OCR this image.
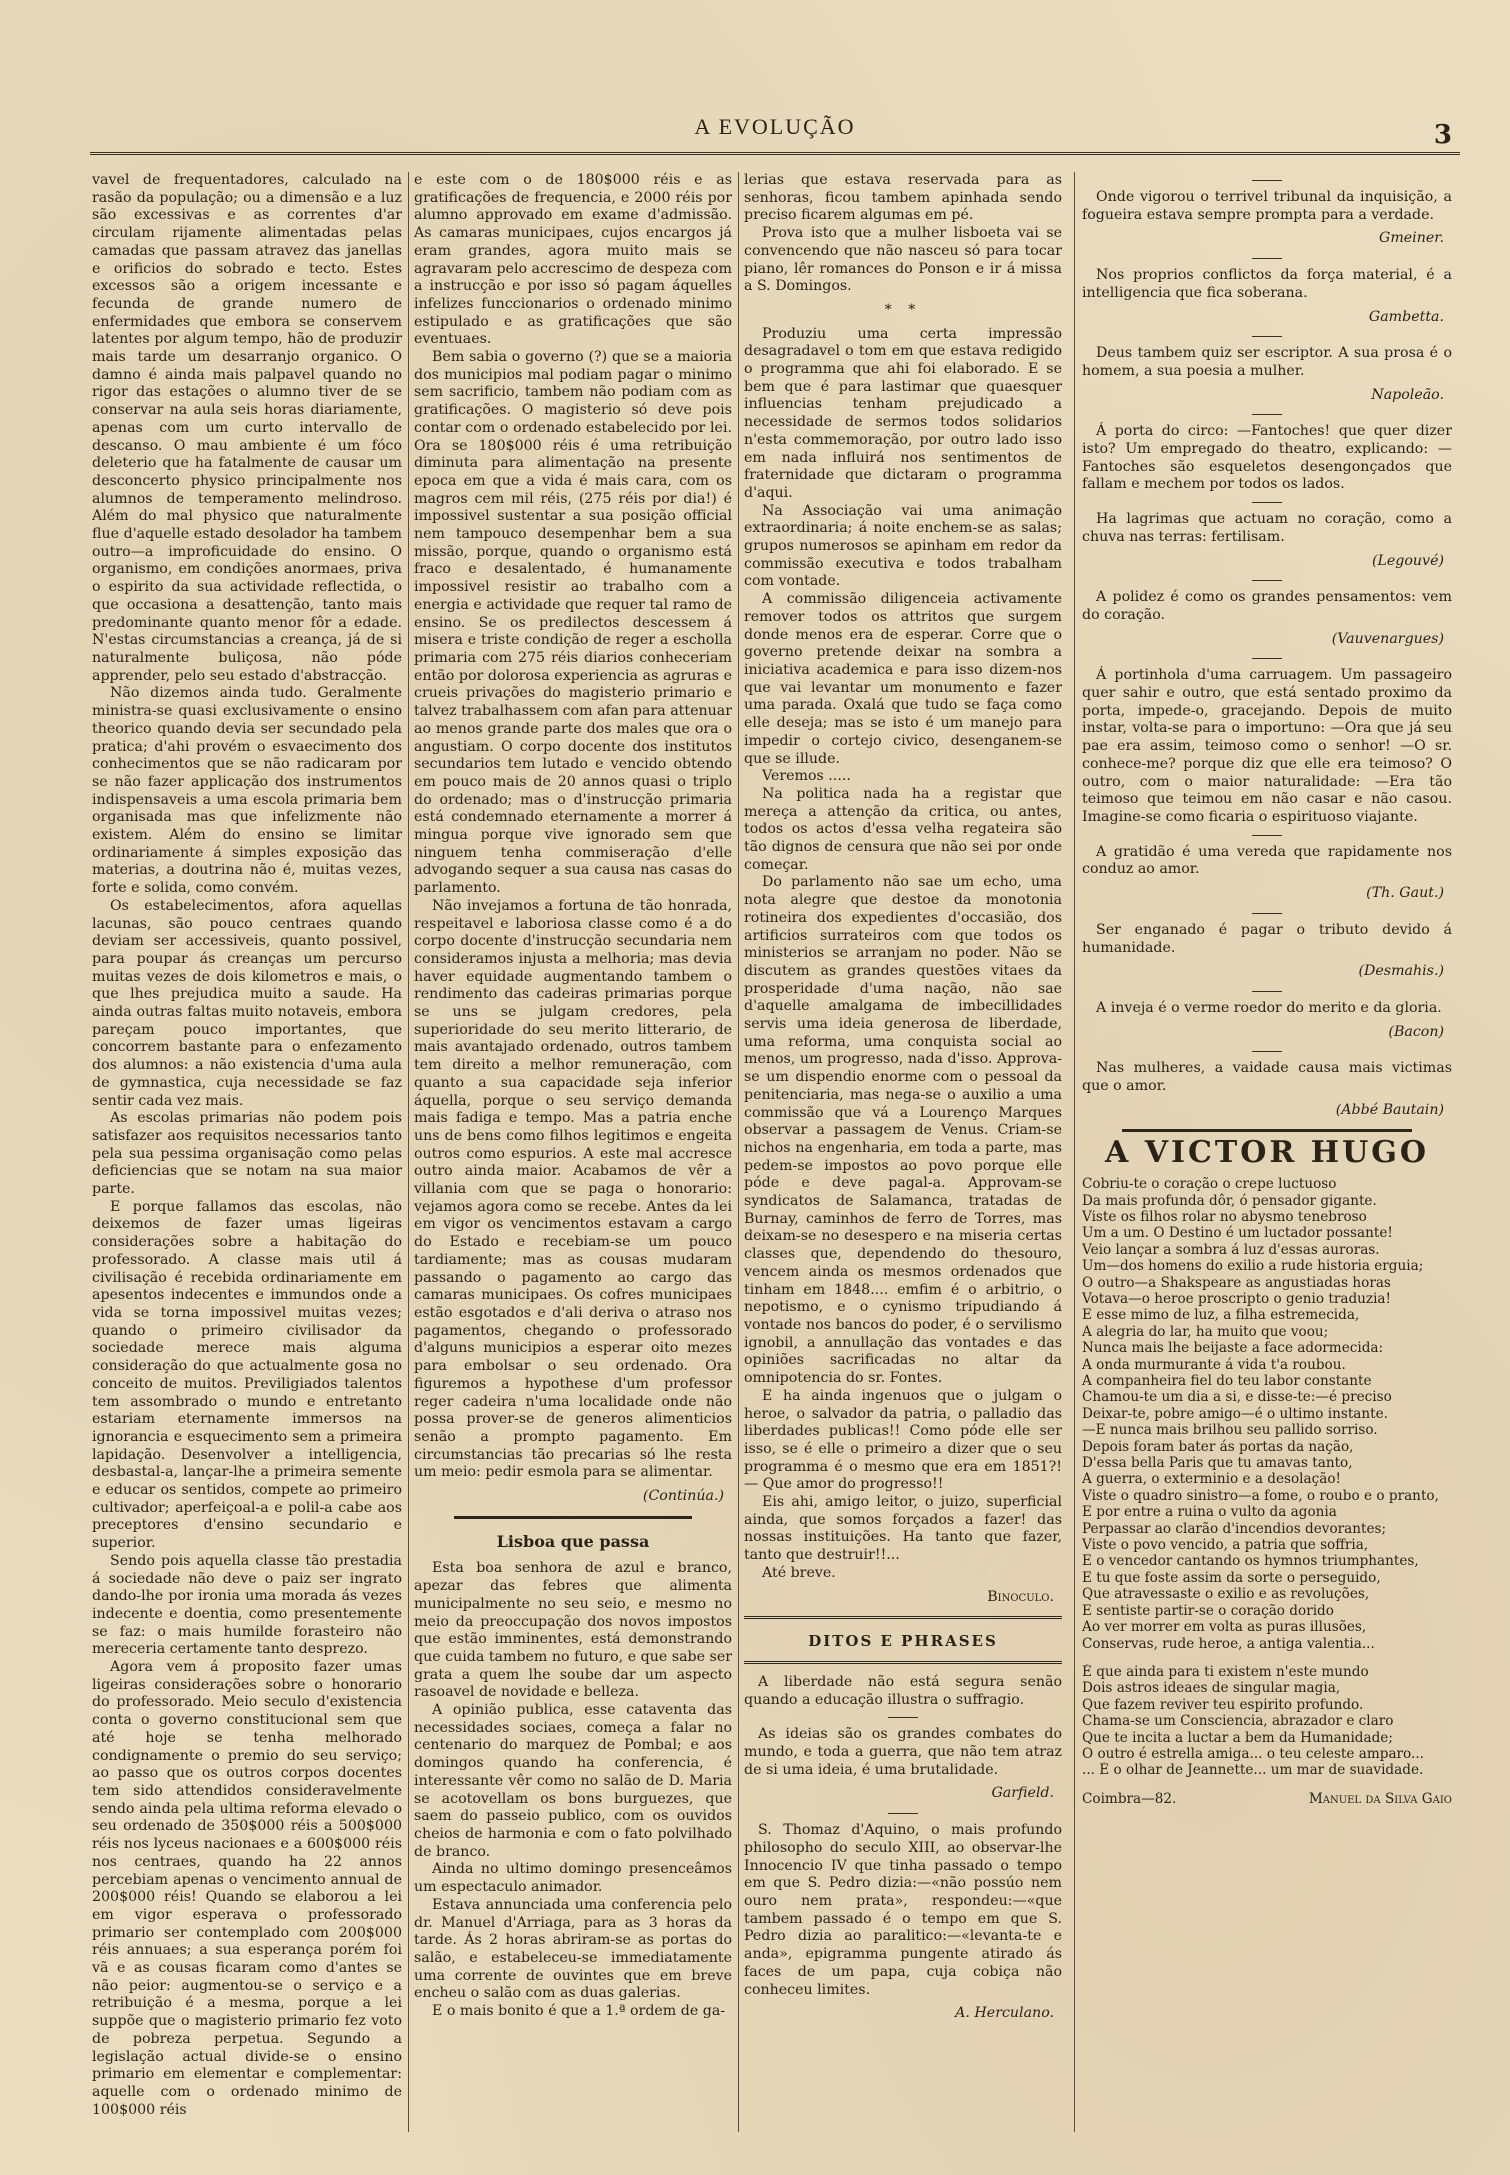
A EVOLUÇÃO	3

vavel de frequentadores, calculado na rasão da população; ou a dimensão e a luz são excessivas e as correntes d'ar circulam rijamente alimentadas pelas camadas que passam atravez das janellas e orificios do sobrado e tecto. Estes excessos são a origem incessante e fecunda de grande numero de enfermidades que embora se conservem latentes por algum tempo, hão de produzir mais tarde um desarranjo organico. O damno é ainda mais palpavel quando no rigor das estações o alumno tiver de se conservar na aula seis horas diariamente, apenas com um curto intervallo de descanso. O mau ambiente é um fóco deleterio que ha fatalmente de causar um desconcerto physico principalmente nos alumnos de temperamento melindroso. Além do mal physico que naturalmente flue d'aquelle estado desolador ha tambem outro—a improficuidade do ensino. O organismo, em condições anormaes, priva o espirito da sua actividade reflectida, o que occasiona a desattenção, tanto mais predominante quanto menor fôr a edade. N'estas circumstancias a creança, já de si naturalmente buliçosa, não póde apprender, pelo seu estado d'abstracção.

Não dizemos ainda tudo. Geralmente ministra-se quasi exclusivamente o ensino theorico quando devia ser secundado pela pratica; d'ahi provém o esvaecimento dos conhecimentos que se não radicaram por se não fazer applicação dos instrumentos indispensaveis a uma escola primaria bem organisada mas que infelizmente não existem. Além do ensino se limitar ordinariamente á simples exposição das materias, a doutrina não é, muitas vezes, forte e solida, como convém.

Os estabelecimentos, afora aquellas lacunas, são pouco centraes quando deviam ser accessiveis, quanto possivel, para poupar ás creanças um percurso muitas vezes de dois kilometros e mais, o que lhes prejudica muito a saude. Ha ainda outras faltas muito notaveis, embora pareçam pouco importantes, que concorrem bastante para o enfezamento dos alumnos: a não existencia d'uma aula de gymnastica, cuja necessidade se faz sentir cada vez mais.

As escolas primarias não podem pois satisfazer aos requisitos necessarios tanto pela sua pessima organisação como pelas deficiencias que se notam na sua maior parte.

E porque fallamos das escolas, não deixemos de fazer umas ligeiras considerações sobre a habitação do professorado. A classe mais util á civilisação é recebida ordinariamente em apesentos indecentes e immundos onde a vida se torna impossivel muitas vezes; quando o primeiro civilisador da sociedade merece mais alguma consideração do que actualmente gosa no conceito de muitos. Previligiados talentos tem assombrado o mundo e entretanto estariam eternamente immersos na ignorancia e esquecimento sem a primeira lapidação. Desenvolver a intelligencia, desbastal-a, lançar-lhe a primeira semente e educar os sentidos, compete ao primeiro cultivador; aperfeiçoal-a e polil-a cabe aos preceptores d'ensino secundario e superior.

Sendo pois aquella classe tão prestadia á sociedade não deve o paiz ser ingrato dando-lhe por ironia uma morada ás vezes indecente e doentia, como presentemente se faz: o mais humilde forasteiro não mereceria certamente tanto desprezo.

Agora vem á proposito fazer umas ligeiras considerações sobre o honorario do professorado. Meio seculo d'existencia conta o governo constitucional sem que até hoje se tenha melhorado condignamente o premio do seu serviço; ao passo que os outros corpos docentes tem sido attendidos consideravelmente sendo ainda pela ultima reforma elevado o seu ordenado de 350$000 réis a 500$000 réis nos lyceus nacionaes e a 600$000 réis nos centraes, quando ha 22 annos percebiam apenas o vencimento annual de 200$000 réis! Quando se elaborou a lei em vigor esperava o professorado primario ser contemplado com 200$000 réis annuaes; a sua esperança porém foi vã e as cousas ficaram como d'antes se não peior: augmentou-se o serviço e a retribuição é a mesma, porque a lei suppõe que o magisterio primario fez voto de pobreza perpetua. Segundo a legislação actual divide-se o ensino primario em elementar e complementar: aquelle com o ordenado minimo de 100$000 réis

e este com o de 180$000 réis e as gratificações de frequencia, e 2000 réis por alumno approvado em exame d'admissão. As camaras municipaes, cujos encargos já eram grandes, agora muito mais se agravaram pelo accrescimo de despeza com a instrucção e por isso só pagam áquelles infelizes funccionarios o ordenado minimo estipulado e as gratificações que são eventuaes.

Bem sabia o governo (?) que se a maioria dos municipios mal podiam pagar o minimo sem sacrificio, tambem não podiam com as gratificações. O magisterio só deve pois contar com o ordenado estabelecido por lei. Ora se 180$000 réis é uma retribuição diminuta para alimentação na presente epoca em que a vida é mais cara, com os magros cem mil réis, (275 réis por dia!) é impossivel sustentar a sua posição official nem tampouco desempenhar bem a sua missão, porque, quando o organismo está fraco e desalentado, é humanamente impossivel resistir ao trabalho com a energia e actividade que requer tal ramo de ensino. Se os predilectos descessem á misera e triste condição de reger a escholla primaria com 275 réis diarios conheceriam então por dolorosa experiencia as agruras e crueis privações do magisterio primario e talvez trabalhassem com afan para attenuar ao menos grande parte dos males que ora o angustiam. O corpo docente dos institutos secundarios tem lutado e vencido obtendo em pouco mais de 20 annos quasi o triplo do ordenado; mas o d'instrucção primaria está condemnado eternamente a morrer á mingua porque vive ignorado sem que ninguem tenha commiseração d'elle advogando sequer a sua causa nas casas do parlamento.

Não invejamos a fortuna de tão honrada, respeitavel e laboriosa classe como é a do corpo docente d'instrucção secundaria nem consideramos injusta a melhoria; mas devia haver equidade augmentando tambem o rendimento das cadeiras primarias porque se uns se julgam credores, pela superioridade do seu merito litterario, de mais avantajado ordenado, outros tambem tem direito a melhor remuneração, com quanto a sua capacidade seja inferior áquella, porque o seu serviço demanda mais fadiga e tempo. Mas a patria enche uns de bens como filhos legitimos e engeita outros como espurios. A este mal accresce outro ainda maior. Acabamos de vêr a villania com que se paga o honorario: vejamos agora como se recebe. Antes da lei em vigor os vencimentos estavam a cargo do Estado e recebiam-se um pouco tardiamente; mas as cousas mudaram passando o pagamento ao cargo das camaras municipaes. Os cofres municipaes estão esgotados e d'ali deriva o atraso nos pagamentos, chegando o professorado d'alguns municipios a esperar oito mezes para embolsar o seu ordenado. Ora figuremos a hypothese d'um professor reger cadeira n'uma localidade onde não possa prover-se de generos alimenticios senão a prompto pagamento. Em circumstancias tão precarias só lhe resta um meio: pedir esmola para se alimentar.

(Continúa.)
Lisboa que passa

Esta boa senhora de azul e branco, apezar das febres que alimenta municipalmente no seu seio, e mesmo no meio da preoccupação dos novos impostos que estão imminentes, está demonstrando que cuida tambem no futuro, e que sabe ser grata a quem lhe soube dar um aspecto rasoavel de novidade e belleza.

A opinião publica, esse cataventa das necessidades sociaes, começa a falar no centenario do marquez de Pombal; e aos domingos quando ha conferencia, é interessante vêr como no salão de D. Maria se acotovellam os bons burguezes, que saem do passeio publico, com os ouvidos cheios de harmonia e com o fato polvilhado de branco.

Ainda no ultimo domingo presenceâmos um espectaculo animador.

Estava annunciada uma conferencia pelo dr. Manuel d'Arriaga, para as 3 horas da tarde. Ás 2 horas abriram-se as portas do salão, e estabeleceu-se immediatamente uma corrente de ouvintes que em breve encheu o salão com as duas galerias.

E o mais bonito é que a 1.ª ordem de ga-

lerias que estava reservada para as senhoras, ficou tambem apinhada sendo preciso ficarem algumas em pé.

Prova isto que a mulher lisboeta vai se convencendo que não nasceu só para tocar piano, lêr romances do Ponson e ir á missa a S. Domingos.

* *

Produziu uma certa impressão desagradavel o tom em que estava redigido o programma que ahi foi elaborado. E se bem que é para lastimar que quaesquer influencias tenham prejudicado a necessidade de sermos todos solidarios n'esta commemoração, por outro lado isso em nada influirá nos sentimentos de fraternidade que dictaram o programma d'aqui.

Na Associação vai uma animação extraordinaria; á noite enchem-se as salas; grupos numerosos se apinham em redor da commissão executiva e todos trabalham com vontade.

A commissão diligenceia activamente remover todos os attritos que surgem donde menos era de esperar. Corre que o governo pretende deixar na sombra a iniciativa academica e para isso dizem-nos que vai levantar um monumento e fazer uma parada. Oxalá que tudo se faça como elle deseja; mas se isto é um manejo para impedir o cortejo civico, desenganem-se que se illude.

Veremos .....

Na politica nada ha a registar que mereça a attenção da critica, ou antes, todos os actos d'essa velha regateira são tão dignos de censura que não sei por onde começar.

Do parlamento não sae um echo, uma nota alegre que destoe da monotonia rotineira dos expedientes d'occasião, dos artificios surrateiros com que todos os ministerios se arranjam no poder. Não se discutem as grandes questões vitaes da prosperidade d'uma nação, não sae d'aquelle amalgama de imbecillidades servis uma ideia generosa de liberdade, uma reforma, uma conquista social ao menos, um progresso, nada d'isso. Approva-se um dispendio enorme com o pessoal da penitenciaria, mas nega-se o auxilio a uma commissão que vá a Lourenço Marques observar a passagem de Venus. Criam-se nichos na engenharia, em toda a parte, mas pedem-se impostos ao povo porque elle póde e deve pagal-a. Approvam-se syndicatos de Salamanca, tratadas de Burnay, caminhos de ferro de Torres, mas deixam-se no desespero e na miseria certas classes que, dependendo do thesouro, vencem ainda os mesmos ordenados que tinham em 1848.... emfim é o arbitrio, o nepotismo, e o cynismo tripudiando á vontade nos bancos do poder, é o servilismo ignobil, a annullação das vontades e das opiniões sacrificadas no altar da omnipotencia do sr. Fontes.

E ha ainda ingenuos que o julgam o heroe, o salvador da patria, o palladio das liberdades publicas!! Como póde elle ser isso, se é elle o primeiro a dizer que o seu programma é o mesmo que era em 1851?!— Que amor do progresso!!

Eis ahi, amigo leitor, o juizo, superficial ainda, que somos forçados a fazer! das nossas instituições. Ha tanto que fazer, tanto que destruir!!...

Até breve.

Binoculo.
DITOS E PHRASES

A liberdade não está segura senão quando a educação illustra o suffragio.

As ideias são os grandes combates do mundo, e toda a guerra, que não tem atraz de si uma ideia, é uma brutalidade.

Garfield.

S. Thomaz d'Aquino, o mais profundo philosopho do seculo XIII, ao observar-lhe Innocencio IV que tinha passado o tempo em que S. Pedro dizia:—«não possúo nem ouro nem prata», respondeu:—«que tambem passado é o tempo em que S. Pedro dizia ao paralitico:—«levanta-te e anda», epigramma pungente atirado ás faces de um papa, cuja cobiça não conheceu limites.

A. Herculano.

Onde vigorou o terrivel tribunal da inquisição, a fogueira estava sempre prompta para a verdade.

Gmeiner.

Nos proprios conflictos da força material, é a intelligencia que fica soberana.

Gambetta.

Deus tambem quiz ser escriptor. A sua prosa é o homem, a sua poesia a mulher.

Napoleão.

Á porta do circo: —Fantoches! que quer dizer isto? Um empregado do theatro, explicando: —Fantoches são esqueletos desengonçados que fallam e mechem por todos os lados.

Ha lagrimas que actuam no coração, como a chuva nas terras: fertilisam.

(Legouvé)

A polidez é como os grandes pensamentos: vem do coração.

(Vauvenargues)

Á portinhola d'uma carruagem. Um passageiro quer sahir e outro, que está sentado proximo da porta, impede-o, gracejando. Depois de muito instar, volta-se para o importuno: —Ora que já seu pae era assim, teimoso como o senhor! —O sr. conhece-me? porque diz que elle era teimoso? O outro, com o maior naturalidade: —Era tão teimoso que teimou em não casar e não casou. Imagine-se como ficaria o espirituoso viajante.

A gratidão é uma vereda que rapidamente nos conduz ao amor.

(Th. Gaut.)

Ser enganado é pagar o tributo devido á humanidade.

(Desmahis.)

A inveja é o verme roedor do merito e da gloria.

(Bacon)

Nas mulheres, a vaidade causa mais victimas que o amor.

(Abbé Bautain)
A VICTOR HUGO
Cobriu-te o coração o crepe luctuoso
Da mais profunda dôr, ó pensador gigante.
Viste os filhos rolar no abysmo tenebroso
Um a um. O Destino é um luctador possante!
Veio lançar a sombra á luz d'essas auroras.
Um—dos homens do exilio a rude historia erguia;
O outro—a Shakspeare as angustiadas horas
Votava—o heroe proscripto o genio traduzia!
E esse mimo de luz, a filha estremecida,
A alegria do lar, ha muito que voou;
Nunca mais lhe beijaste a face adormecida:
A onda murmurante á vida t'a roubou.
A companheira fiel do teu labor constante
Chamou-te um dia a si, e disse-te:—é preciso
Deixar-te, pobre amigo—é o ultimo instante.
—E nunca mais brilhou seu pallido sorriso.
Depois foram bater ás portas da nação,
D'essa bella Paris que tu amavas tanto,
A guerra, o exterminio e a desolação!
Viste o quadro sinistro—a fome, o roubo e o pranto,
E por entre a ruina o vulto da agonia
Perpassar ao clarão d'incendios devorantes;
Viste o povo vencido, a patria que soffria,
E o vencedor cantando os hymnos triumphantes,
E tu que foste assim da sorte o perseguido,
Que atravessaste o exilio e as revoluções,
E sentiste partir-se o coração dorido
Ao ver morrer em volta as puras illusões,
Conservas, rude heroe, a antiga valentia...
É que ainda para ti existem n'este mundo
Dois astros ideaes de singular magia,
Que fazem reviver teu espirito profundo.
Chama-se um Consciencia, abrazador e claro
Que te incita a luctar a bem da Humanidade;
O outro é estrella amiga... o teu celeste amparo...
... É o olhar de Jeannette... um mar de suavidade.
Coimbra—82.	Manuel da Silva Gaio
